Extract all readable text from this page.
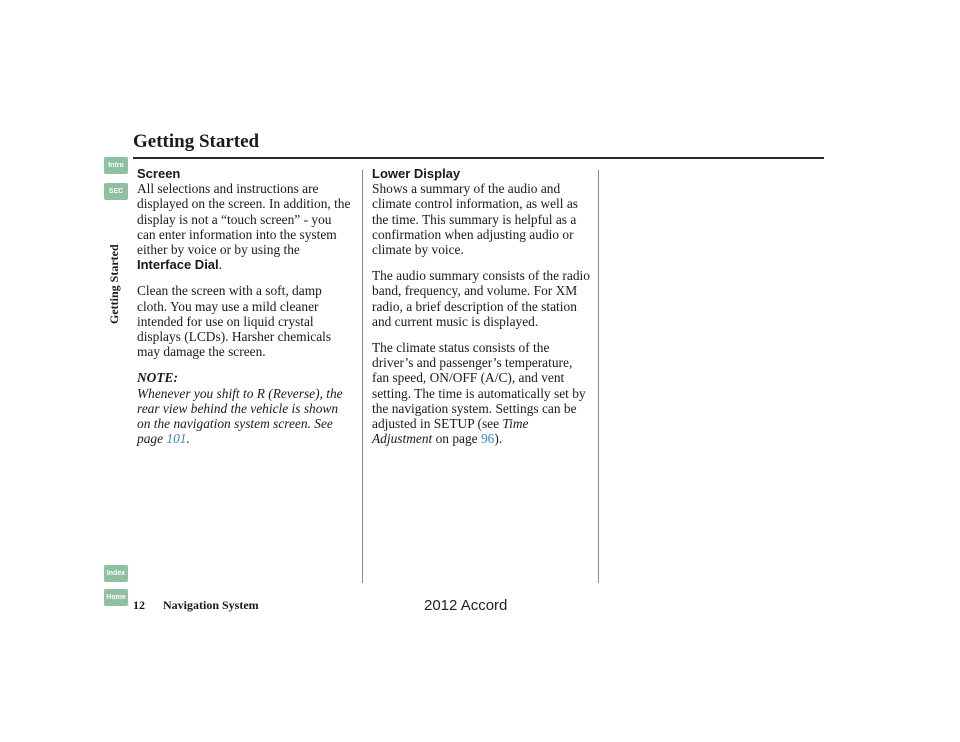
Getting Started
Intro
SEC
Getting Started
Index
Home

Screen

All selections and instructions are displayed on the screen. In addition, the display is not a “touch screen” - you can enter information into the system either by voice or by using the Interface Dial.

Clean the screen with a soft, damp cloth. You may use a mild cleaner intended for use on liquid crystal displays (LCDs). Harsher chemicals may damage the screen.

NOTE:

Whenever you shift to R (Reverse), the rear view behind the vehicle is shown on the navigation system screen. See page 101.

Lower Display

Shows a summary of the audio and climate control information, as well as the time. This summary is helpful as a confirmation when adjusting audio or climate by voice.

The audio summary consists of the radio band, frequency, and volume. For XM radio, a brief description of the station and current music is displayed.

The climate status consists of the driver’s and passenger’s temperature, fan speed, ON/OFF (A/C), and vent setting. The time is automatically set by the navigation system. Settings can be adjusted in SETUP (see Time Adjustment on page 96).

12 Navigation System	2012 Accord
